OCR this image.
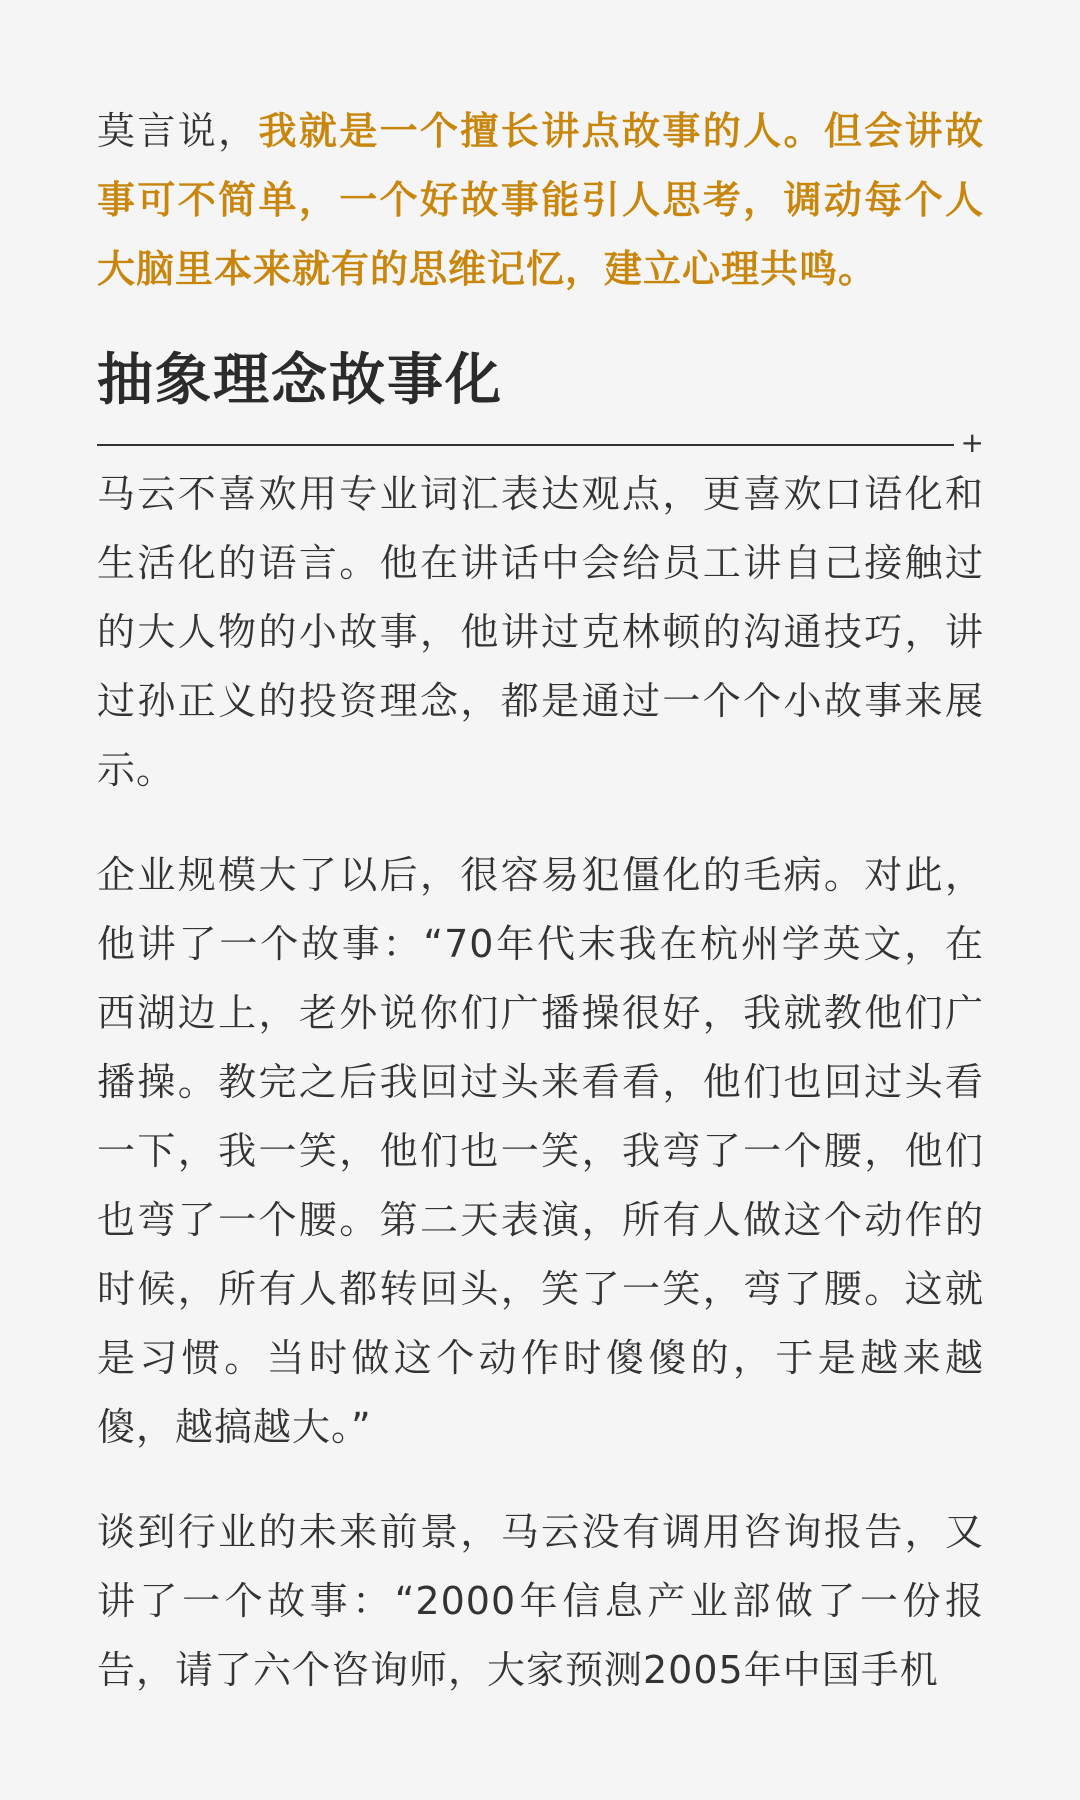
莫言说，我就是一个擅长讲点故事的人。但会讲故事可不简单，一个好故事能引人思考，调动每个人大脑里本来就有的思维记忆，建立心理共鸣。

抽象理念故事化
+

马云不喜欢用专业词汇表达观点，更喜欢口语化和生活化的语言。他在讲话中会给员工讲自己接触过的大人物的小故事，他讲过克林顿的沟通技巧，讲过孙正义的投资理念，都是通过一个个小故事来展示。

企业规模大了以后，很容易犯僵化的毛病。对此，他讲了一个故事：“70年代末我在杭州学英文，在西湖边上，老外说你们广播操很好，我就教他们广播操。教完之后我回过头来看看，他们也回过头看一下，我一笑，他们也一笑，我弯了一个腰，他们也弯了一个腰。第二天表演，所有人做这个动作的时候，所有人都转回头，笑了一笑，弯了腰。这就是习惯。当时做这个动作时傻傻的，于是越来越傻，越搞越大。”

谈到行业的未来前景，马云没有调用咨询报告，又讲了一个故事：“2000年信息产业部做了一份报告，请了六个咨询师，大家预测2005年中国手机
